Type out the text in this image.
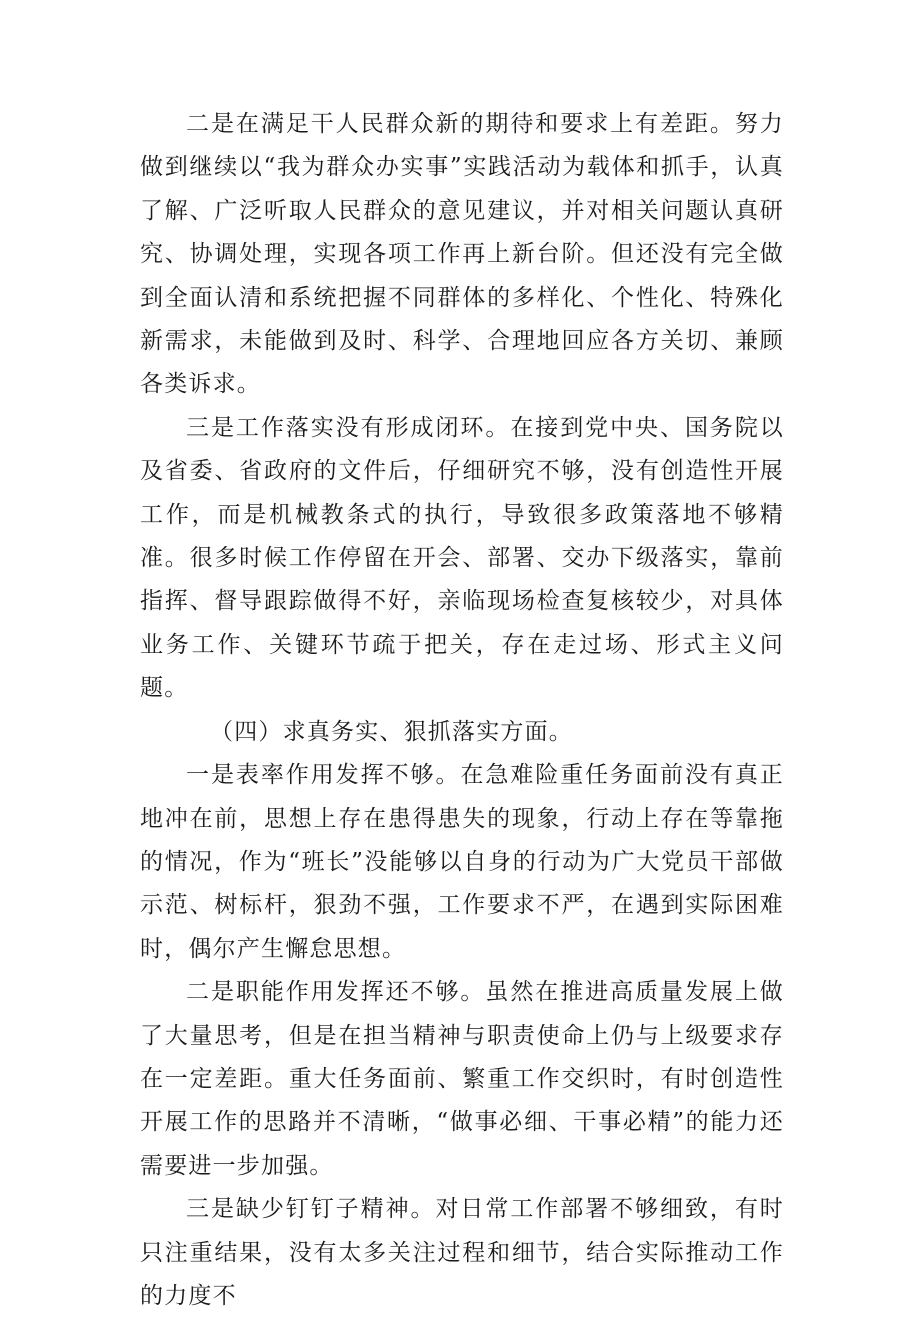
二是在满足干人民群众新的期待和要求上有差距。努力做到继续以“我为群众办实事”实践活动为载体和抓手，认真了解、广泛听取人民群众的意见建议，并对相关问题认真研究、协调处理，实现各项工作再上新台阶。但还没有完全做到全面认清和系统把握不同群体的多样化、个性化、特殊化新需求，未能做到及时、科学、合理地回应各方关切、兼顾各类诉求。

三是工作落实没有形成闭环。在接到党中央、国务院以及省委、省政府的文件后，仔细研究不够，没有创造性开展工作，而是机械教条式的执行，导致很多政策落地不够精准。很多时候工作停留在开会、部署、交办下级落实，靠前指挥、督导跟踪做得不好，亲临现场检查复核较少，对具体业务工作、关键环节疏于把关，存在走过场、形式主义问题。

（四）求真务实、狠抓落实方面。

一是表率作用发挥不够。在急难险重任务面前没有真正地冲在前，思想上存在患得患失的现象，行动上存在等靠拖的情况，作为“班长”没能够以自身的行动为广大党员干部做示范、树标杆，狠劲不强，工作要求不严，在遇到实际困难时，偶尔产生懈怠思想。

二是职能作用发挥还不够。虽然在推进高质量发展上做了大量思考，但是在担当精神与职责使命上仍与上级要求存在一定差距。重大任务面前、繁重工作交织时，有时创造性开展工作的思路并不清晰，“做事必细、干事必精”的能力还需要进一步加强。

三是缺少钉钉子精神。对日常工作部署不够细致，有时只注重结果，没有太多关注过程和细节，结合实际推动工作的力度不
